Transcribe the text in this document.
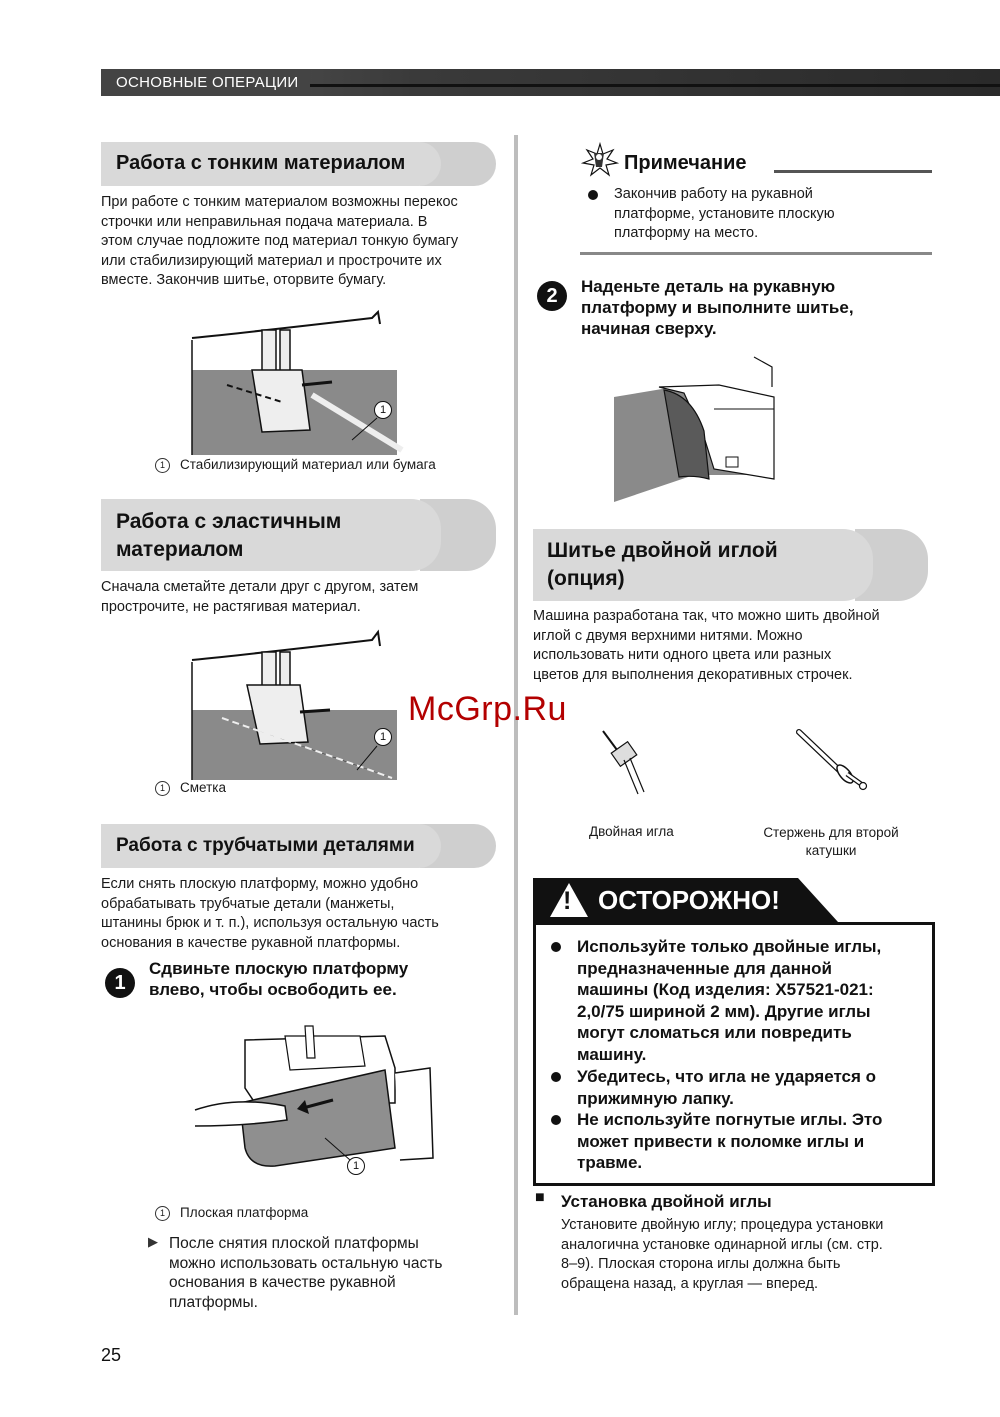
ОСНОВНЫЕ ОПЕРАЦИИ
Работа с тонким материалом
При работе с тонким материалом возможны перекос
строчки или неправильная подача материала. В
этом случае подложите под материал тонкую бумагу
или стабилизирующий материал и прострочите их
вместе. Закончив шитье, оторвите бумагу.
1
1 Стабилизирующий материал или бумага
Работа с эластичным
материалом
Сначала сметайте детали друг с другом, затем
прострочите, не растягивая материал.
1
1 Сметка
Работа с трубчатыми деталями
Если снять плоскую платформу, можно удобно
обрабатывать трубчатые детали (манжеты,
штанины брюк и т. п.), используя остальную часть
основания в качестве рукавной платформы.
1
Сдвиньте плоскую платформу
влево, чтобы освободить ее.
1
1 Плоская платформа
▶ После снятия плоской платформы
можно использовать остальную часть
основания в качестве рукавной
платформы.
Примечание
Закончив работу на рукавной
платформе, установите плоскую
платформу на место.
2	Наденьте деталь на рукавную
платформу и выполните шитье,
начиная сверху.
Шитье двойной иглой
(опция)
Машина разработана так, что можно шить двойной
иглой с двумя верхними нитями. Можно
использовать нити одного цвета или разных
цветов для выполнения декоративных строчек.
McGrp.Ru
Двойная игла	Стержень для второй
катушки
! ОСТОРОЖНО!
Используйте только двойные иглы,
предназначенные для данной
машины (Код изделия: X57521-021:
2,0/75 шириной 2 мм). Другие иглы
могут сломаться или повредить
машину.
Убедитесь, что игла не ударяется о
прижимную лапку.
Не используйте погнутые иглы. Это
может привести к поломке иглы и
травме.
■ Установка двойной иглы
Установите двойную иглу; процедура установки
аналогична установке одинарной иглы (см. стр.
8–9). Плоская сторона иглы должна быть
обращена назад, а круглая — вперед.
25
